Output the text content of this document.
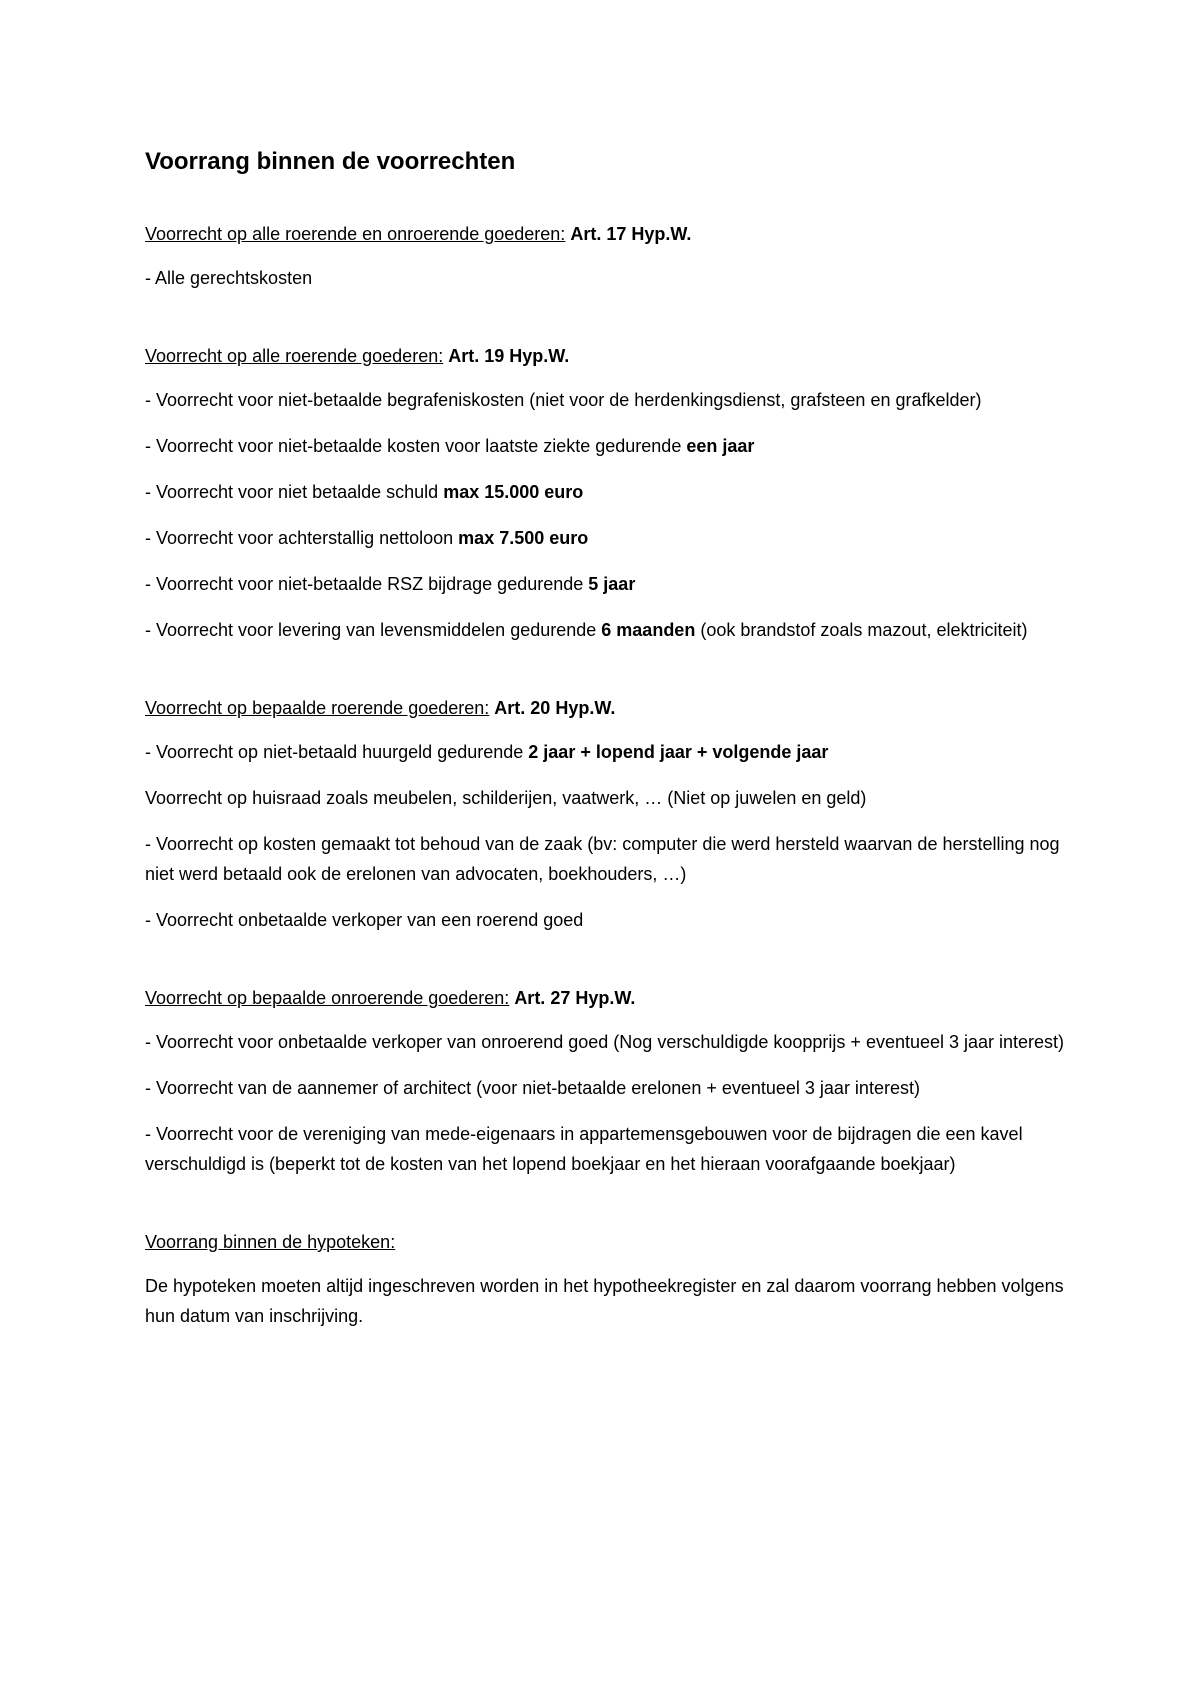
Voorrang binnen de voorrechten

Voorrecht op alle roerende en onroerende goederen: Art. 17 Hyp.W.

- Alle gerechtskosten

Voorrecht op alle roerende goederen: Art. 19 Hyp.W.

- Voorrecht voor niet-betaalde begrafeniskosten (niet voor de herdenkingsdienst, grafsteen en grafkelder)

- Voorrecht voor niet-betaalde kosten voor laatste ziekte gedurende een jaar

- Voorrecht voor niet betaalde schuld max 15.000 euro

- Voorrecht voor achterstallig nettoloon max 7.500 euro

- Voorrecht voor niet-betaalde RSZ bijdrage gedurende 5 jaar

- Voorrecht voor levering van levensmiddelen gedurende 6 maanden (ook brandstof zoals mazout, elektriciteit)

Voorrecht op bepaalde roerende goederen: Art. 20 Hyp.W.

- Voorrecht op niet-betaald huurgeld gedurende 2 jaar + lopend jaar + volgende jaar

Voorrecht op huisraad zoals meubelen, schilderijen, vaatwerk, … (Niet op juwelen en geld)

- Voorrecht op kosten gemaakt tot behoud van de zaak (bv: computer die werd hersteld waarvan de herstelling nog niet werd betaald ook de erelonen van advocaten, boekhouders, …)

- Voorrecht onbetaalde verkoper van een roerend goed

Voorrecht op bepaalde onroerende goederen: Art. 27 Hyp.W.

- Voorrecht voor onbetaalde verkoper van onroerend goed (Nog verschuldigde koopprijs + eventueel 3 jaar interest)

- Voorrecht van de aannemer of architect (voor niet-betaalde erelonen + eventueel 3 jaar interest)

- Voorrecht voor de vereniging van mede-eigenaars in appartemensgebouwen voor de bijdragen die een kavel verschuldigd is (beperkt tot de kosten van het lopend boekjaar en het hieraan voorafgaande boekjaar)

Voorrang binnen de hypoteken:

De hypoteken moeten altijd ingeschreven worden in het hypotheekregister en zal daarom voorrang hebben volgens hun datum van inschrijving.
